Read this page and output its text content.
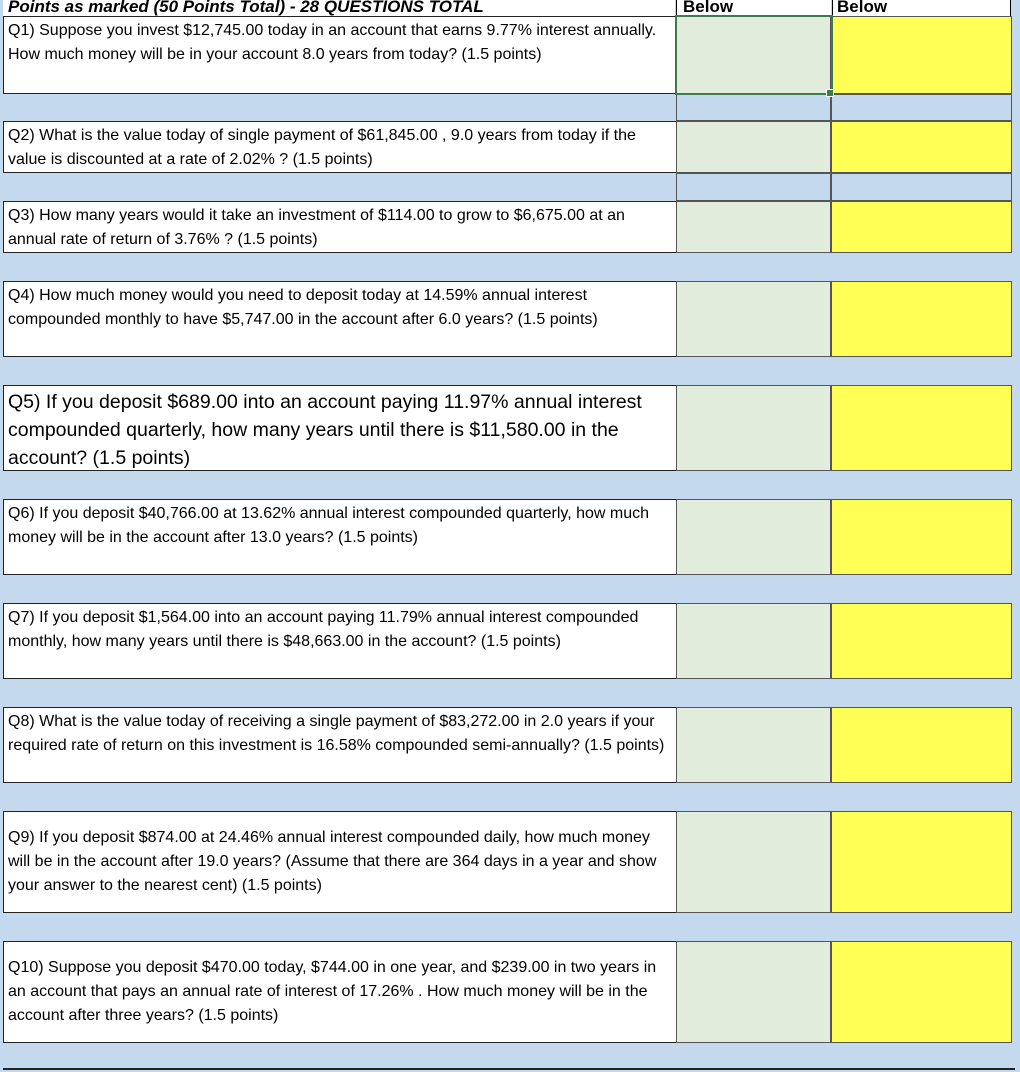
Points as marked (50 Points Total) - 28 QUESTIONS TOTAL	Below	Below
Q1) Suppose you invest $12,745.00 today in an account that earns 9.77% interest annually. How much money will be in your account 8.0 years from today? (1.5 points)
Q2) What is the value today of single payment of $61,845.00 , 9.0 years from today if the value is discounted at a rate of 2.02% ? (1.5 points)
Q3) How many years would it take an investment of $114.00 to grow to $6,675.00 at an annual rate of return of 3.76% ? (1.5 points)
Q4) How much money would you need to deposit today at 14.59% annual interest compounded monthly to have $5,747.00 in the account after 6.0 years? (1.5 points)
Q5) If you deposit $689.00 into an account paying 11.97% annual interest compounded quarterly, how many years until there is $11,580.00 in the account? (1.5 points)
Q6) If you deposit $40,766.00 at 13.62% annual interest compounded quarterly, how much money will be in the account after 13.0 years? (1.5 points)
Q7) If you deposit $1,564.00 into an account paying 11.79% annual interest compounded monthly, how many years until there is $48,663.00 in the account? (1.5 points)
Q8) What is the value today of receiving a single payment of $83,272.00 in 2.0 years if your required rate of return on this investment is 16.58% compounded semi-annually? (1.5 points)
Q9) If you deposit $874.00 at 24.46% annual interest compounded daily, how much money will be in the account after 19.0 years? (Assume that there are 364 days in a year and show your answer to the nearest cent) (1.5 points)
Q10) Suppose you deposit $470.00 today, $744.00 in one year, and $239.00 in two years in an account that pays an annual rate of interest of 17.26% . How much money will be in the account after three years? (1.5 points)
